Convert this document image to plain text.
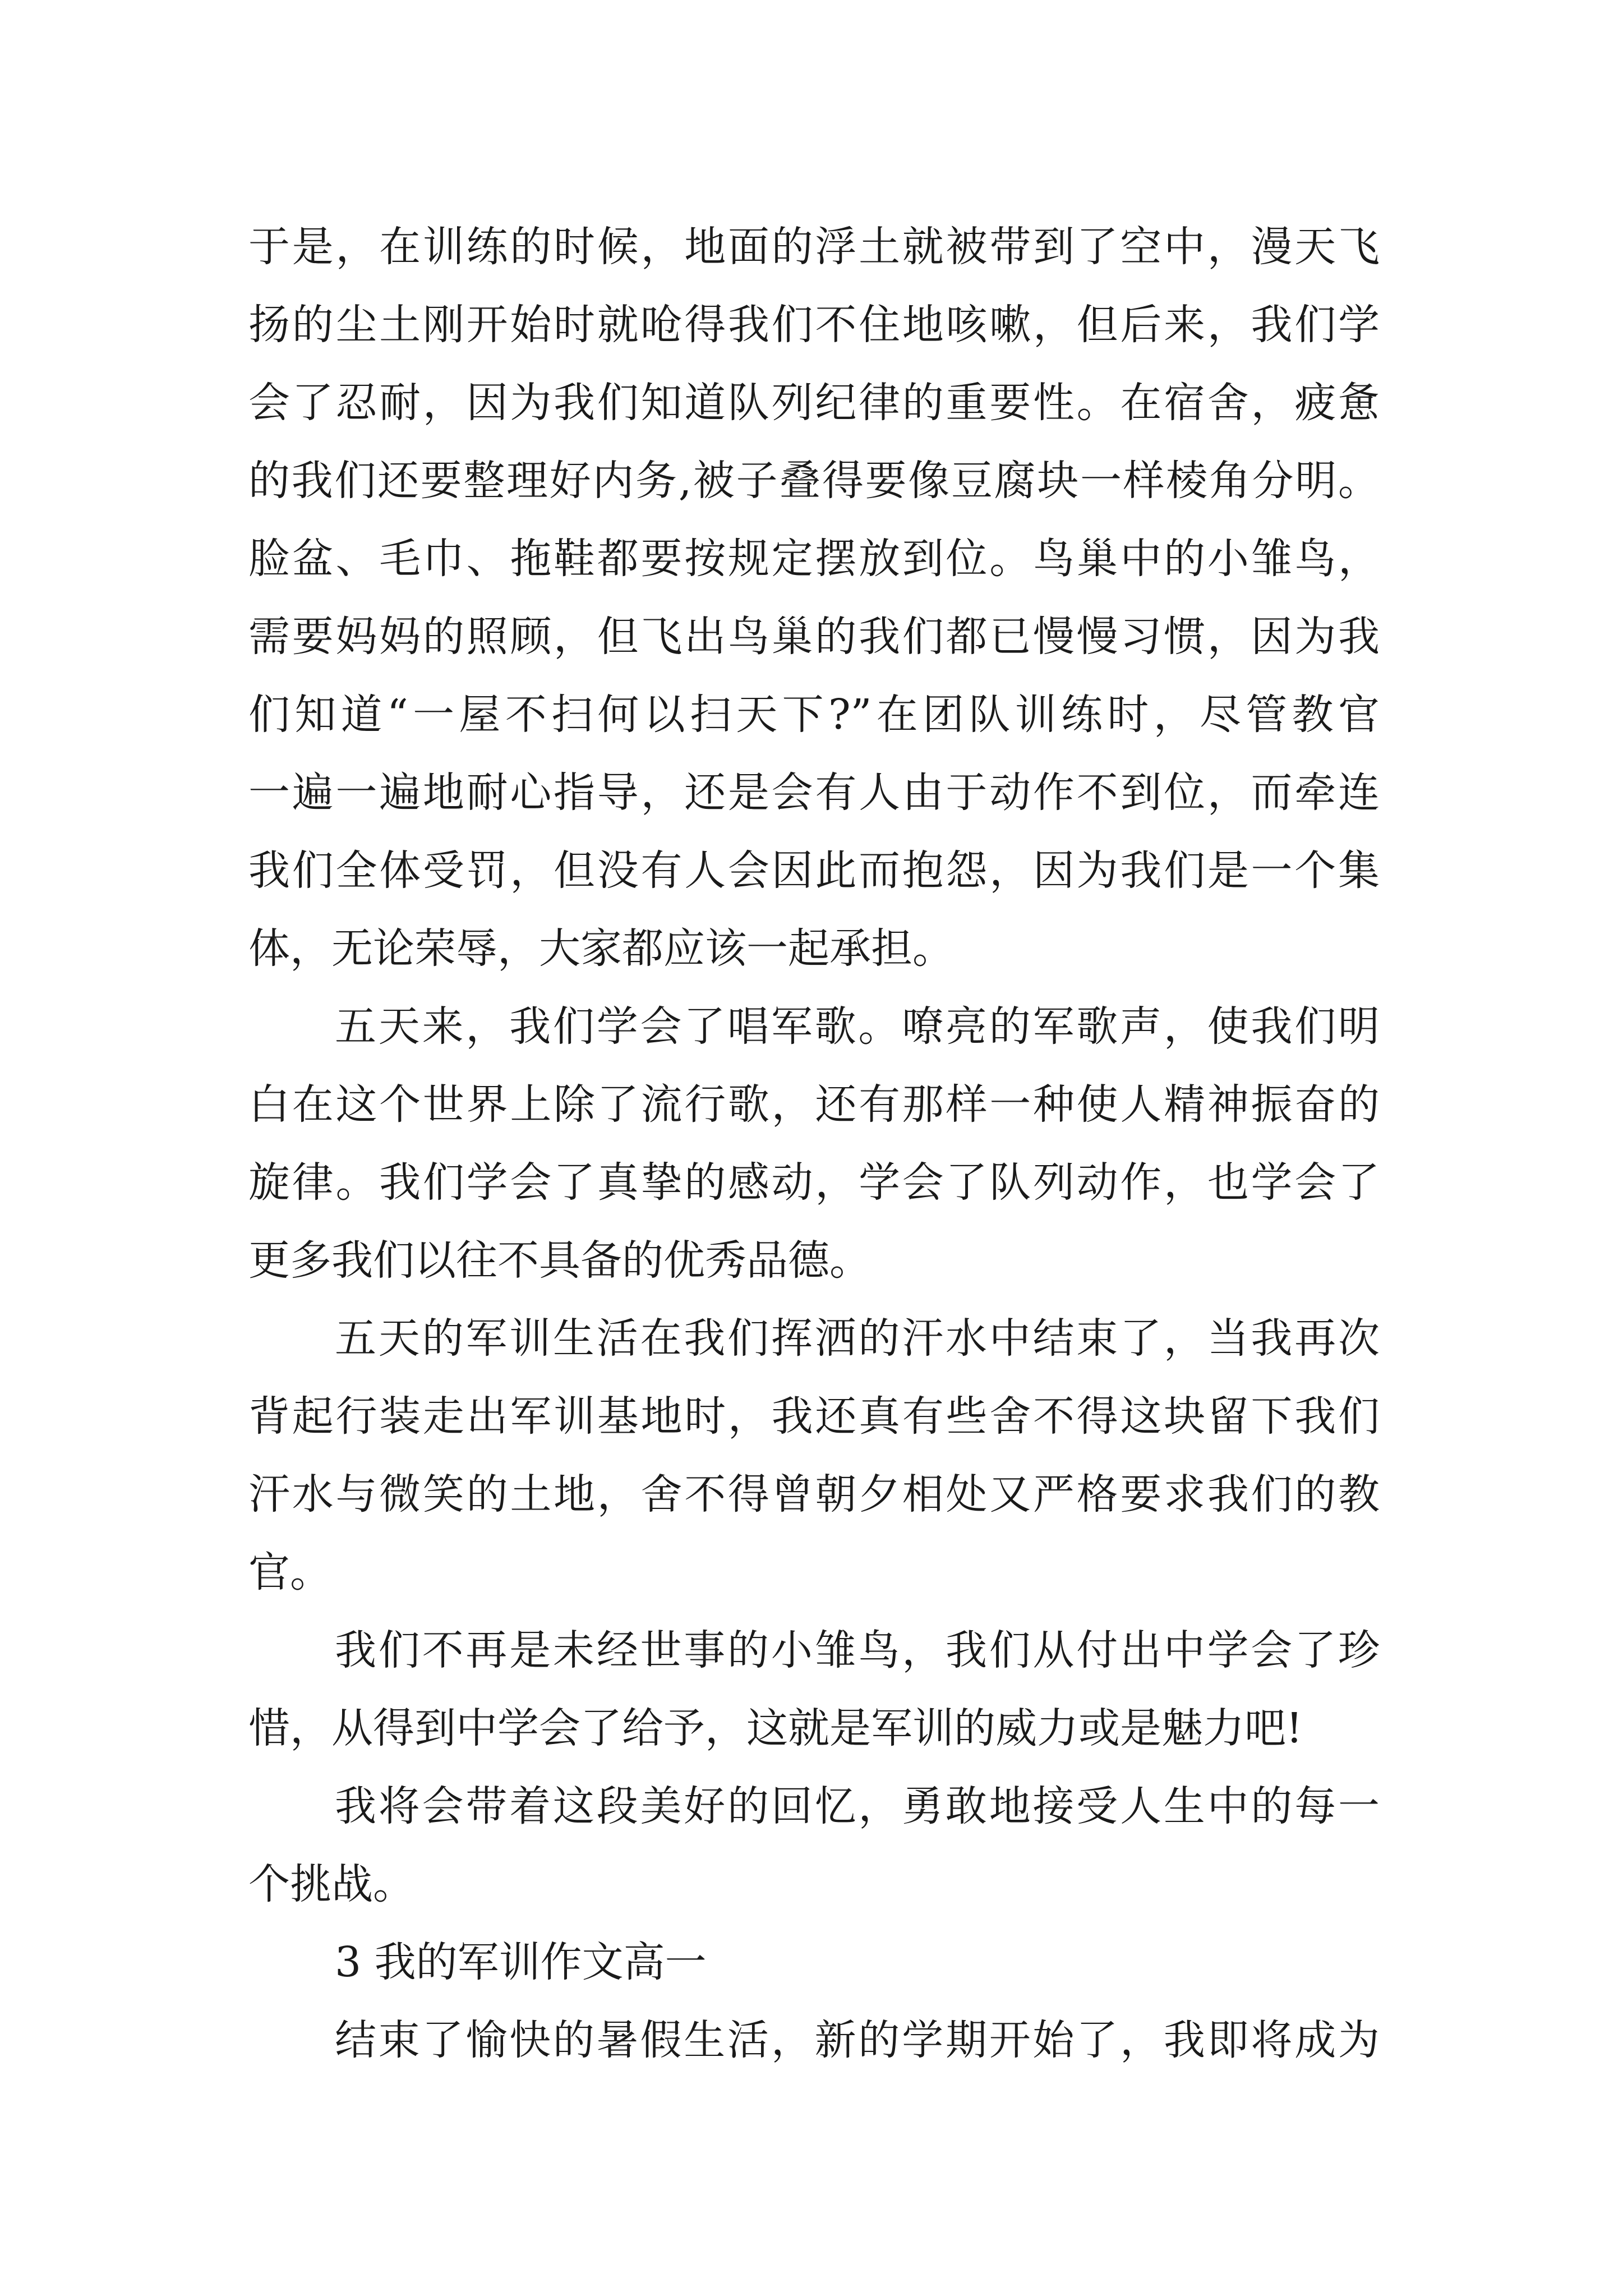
于是，在训练的时候，地面的浮土就被带到了空中，漫天飞
扬的尘土刚开始时就呛得我们不住地咳嗽，但后来，我们学
会了忍耐，因为我们知道队列纪律的重要性。在宿舍，疲惫
的我们还要整理好内务,被子叠得要像豆腐块一样棱角分明。
脸盆、毛巾、拖鞋都要按规定摆放到位。鸟巢中的小雏鸟，
需要妈妈的照顾，但飞出鸟巢的我们都已慢慢习惯，因为我
们知道“一屋不扫何以扫天下?”在团队训练时，尽管教官
一遍一遍地耐心指导，还是会有人由于动作不到位，而牵连
我们全体受罚，但没有人会因此而抱怨，因为我们是一个集
体，无论荣辱，大家都应该一起承担。
五天来，我们学会了唱军歌。嘹亮的军歌声，使我们明
白在这个世界上除了流行歌，还有那样一种使人精神振奋的
旋律。我们学会了真挚的感动，学会了队列动作，也学会了
更多我们以往不具备的优秀品德。
五天的军训生活在我们挥洒的汗水中结束了，当我再次
背起行装走出军训基地时，我还真有些舍不得这块留下我们
汗水与微笑的土地，舍不得曾朝夕相处又严格要求我们的教
官。
我们不再是未经世事的小雏鸟，我们从付出中学会了珍
惜，从得到中学会了给予，这就是军训的威力或是魅力吧!
我将会带着这段美好的回忆，勇敢地接受人生中的每一
个挑战。
3 我的军训作文高一
结束了愉快的暑假生活，新的学期开始了，我即将成为
